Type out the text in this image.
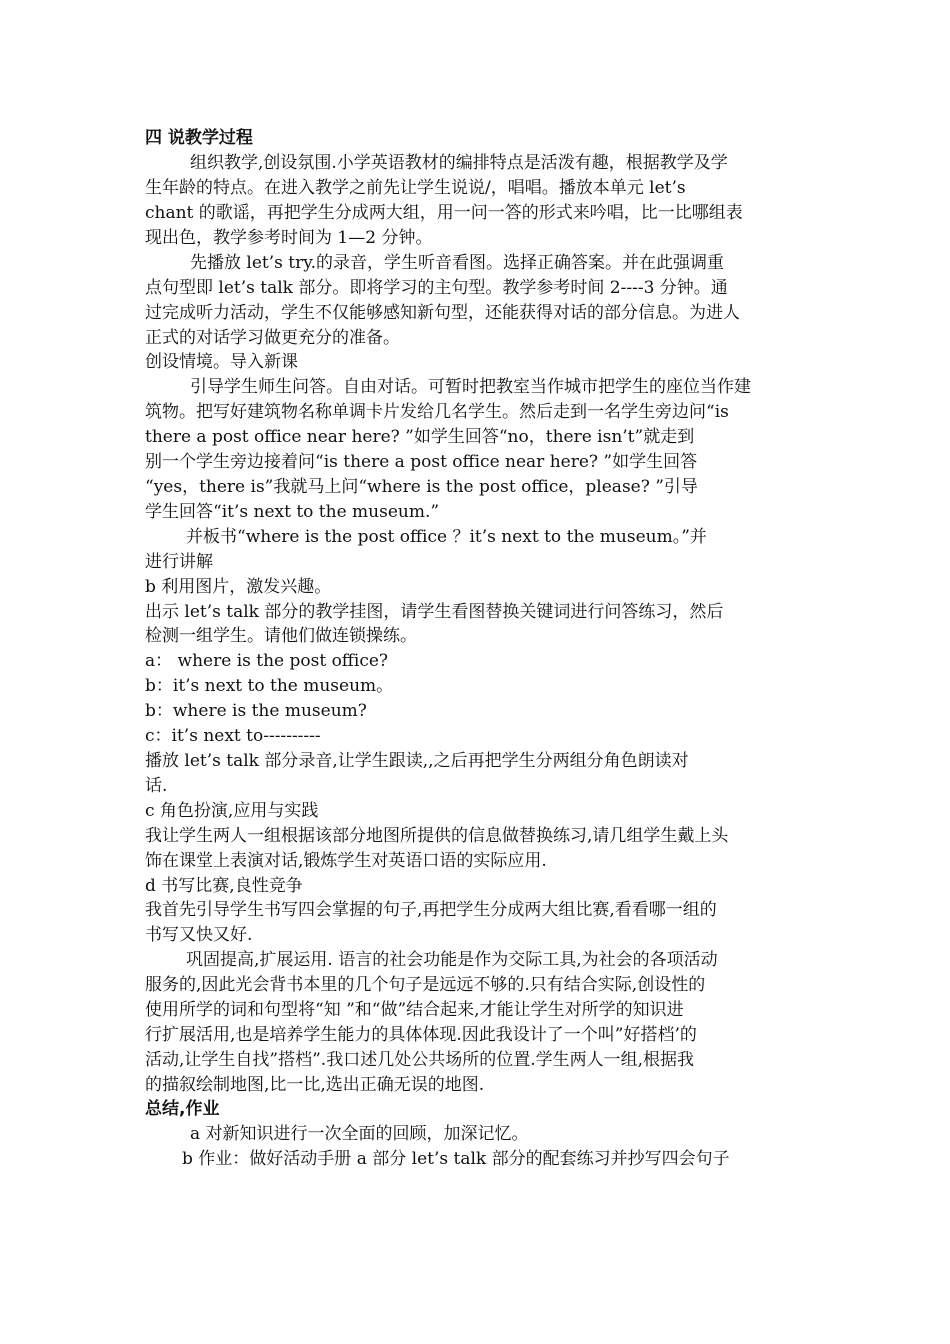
四 说教学过程
组织教学,创设氛围.小学英语教材的编排特点是活泼有趣，根据教学及学
生年龄的特点。在进入教学之前先让学生说说/，唱唱。播放本单元 let’s
chant 的歌谣，再把学生分成两大组，用一问一答的形式来吟唱，比一比哪组表
现出色，教学参考时间为 1—2 分钟。
先播放 let’s try.的录音，学生听音看图。选择正确答案。并在此强调重
点句型即 let’s talk 部分。即将学习的主句型。教学参考时间 2----3 分钟。通
过完成听力活动，学生不仅能够感知新句型，还能获得对话的部分信息。为进人
正式的对话学习做更充分的准备。
创设情境。导入新课
引导学生师生问答。自由对话。可暂时把教室当作城市把学生的座位当作建
筑物。把写好建筑物名称单调卡片发给几名学生。然后走到一名学生旁边问“is
there a post office near here? ”如学生回答“no，there isn’t”就走到
别一个学生旁边接着问“is there a post office near here? ”如学生回答
“yes，there is”我就马上问“where is the post office，please? ”引导
学生回答“it’s next to the museum.”
并板书“where is the post office ？it’s next to the museum。”并
进行讲解
b 利用图片，激发兴趣。
出示 let’s talk 部分的教学挂图，请学生看图替换关键词进行问答练习，然后
检测一组学生。请他们做连锁操练。
a： where is the post office?
b：it’s next to the museum。
b：where is the museum?
c：it’s next to----------
播放 let’s talk 部分录音,让学生跟读,,之后再把学生分两组分角色朗读对
话.
c 角色扮演,应用与实践
我让学生两人一组根据该部分地图所提供的信息做替换练习,请几组学生戴上头
饰在课堂上表演对话,锻炼学生对英语口语的实际应用.
d 书写比赛,良性竞争
我首先引导学生书写四会掌握的句子,再把学生分成两大组比赛,看看哪一组的
书写又快又好.
巩固提高,扩展运用. 语言的社会功能是作为交际工具,为社会的各项活动
服务的,因此光会背书本里的几个句子是远远不够的.只有结合实际,创设性的
使用所学的词和句型将“知 ”和“做”结合起来,才能让学生对所学的知识进
行扩展活用,也是培养学生能力的具体体现.因此我设计了一个叫”好搭档’的
活动,让学生自找”搭档”.我口述几处公共场所的位置.学生两人一组,根据我
的描叙绘制地图,比一比,选出正确无误的地图.
总结,作业
a 对新知识进行一次全面的回顾，加深记忆。
b 作业：做好活动手册 a 部分 let’s talk 部分的配套练习并抄写四会句子
